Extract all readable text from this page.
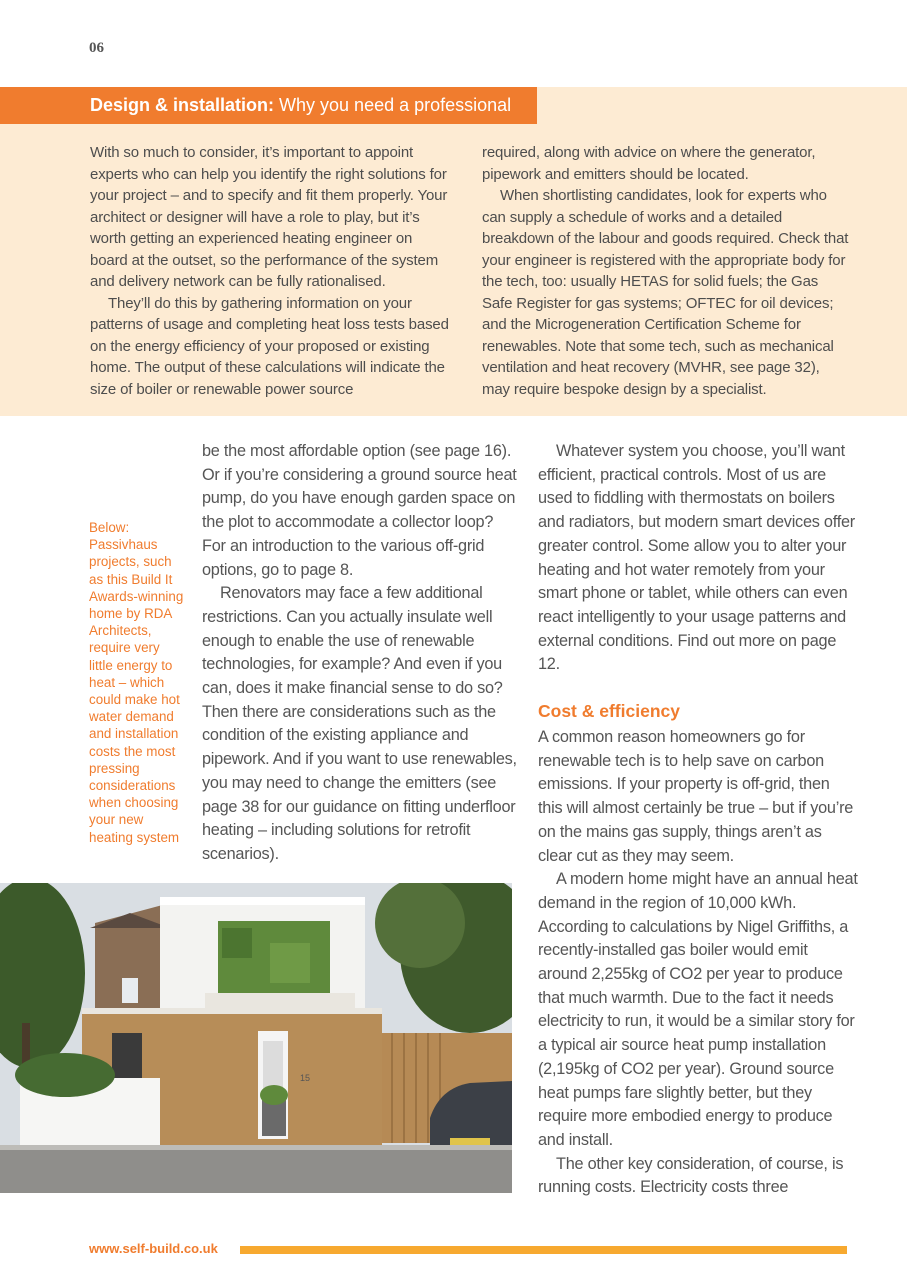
06
Design & installation: Why you need a professional

With so much to consider, it’s important to appoint experts who can help you identify the right solutions for your project – and to specify and fit them properly. Your architect or designer will have a role to play, but it’s worth getting an experienced heating engineer on board at the outset, so the performance of the system and delivery network can be fully rationalised.

They’ll do this by gathering information on your patterns of usage and completing heat loss tests based on the energy efficiency of your proposed or existing home. The output of these calculations will indicate the size of boiler or renewable power source

required, along with advice on where the generator, pipework and emitters should be located.

When shortlisting candidates, look for experts who can supply a schedule of works and a detailed breakdown of the labour and goods required. Check that your engineer is registered with the appropriate body for the tech, too: usually HETAS for solid fuels; the Gas Safe Register for gas systems; OFTEC for oil devices; and the Microgeneration Certification Scheme for renewables. Note that some tech, such as mechanical ventilation and heat recovery (MVHR, see page 32), may require bespoke design by a specialist.

Below: Passivhaus projects, such as this Build It Awards-winning home by RDA Architects, require very little energy to heat – which could make hot water demand and installation costs the most pressing considerations when choosing your new heating system

be the most affordable option (see page 16). Or if you’re considering a ground source heat pump, do you have enough garden space on the plot to accommodate a collector loop? For an introduction to the various off-grid options, go to page 8.

Renovators may face a few additional restrictions. Can you actually insulate well enough to enable the use of renewable technologies, for example? And even if you can, does it make financial sense to do so? Then there are considerations such as the condition of the existing appliance and pipework. And if you want to use renewables, you may need to change the emitters (see page 38 for our guidance on fitting underfloor heating – including solutions for retrofit scenarios).

Whatever system you choose, you’ll want efficient, practical controls. Most of us are used to fiddling with thermostats on boilers and radiators, but modern smart devices offer greater control. Some allow you to alter your heating and hot water remotely from your smart phone or tablet, while others can even react intelligently to your usage patterns and external conditions. Find out more on page 12.

Cost & efficiency

A common reason homeowners go for renewable tech is to help save on carbon emissions. If your property is off-grid, then this will almost certainly be true – but if you’re on the mains gas supply, things aren’t as clear cut as they may seem.

A modern home might have an annual heat demand in the region of 10,000 kWh. According to calculations by Nigel Griffiths, a recently-installed gas boiler would emit around 2,255kg of CO2 per year to produce that much warmth. Due to the fact it needs electricity to run, it would be a similar story for a typical air source heat pump installation (2,195kg of CO2 per year). Ground source heat pumps fare slightly better, but they require more embodied energy to produce and install.

The other key consideration, of course, is running costs. Electricity costs three

15
www.self-build.co.uk
